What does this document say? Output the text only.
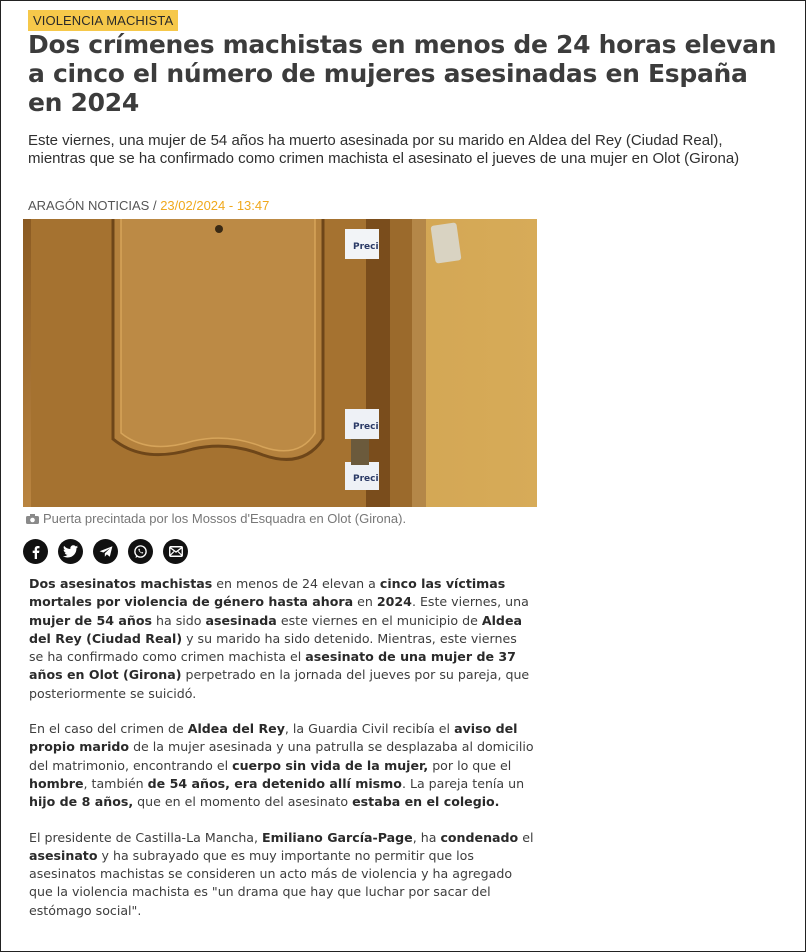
VIOLENCIA MACHISTA
Dos crímenes machistas en menos de 24 horas elevan a cinco el número de mujeres asesinadas en España en 2024

Este viernes, una mujer de 54 años ha muerto asesinada por su marido en Aldea del Rey (Ciudad Real), mientras que se ha confirmado como crimen machista el asesinato el jueves de una mujer en Olot (Girona)

ARAGÓN NOTICIAS / 23/02/2024 - 13:47
Preci
Preci
Preci
Puerta precintada por los Mossos d'Esquadra en Olot (Girona).

Dos asesinatos machistas en menos de 24 elevan a cinco las víctimas mortales por violencia de género hasta ahora en 2024. Este viernes, una mujer de 54 años ha sido asesinada este viernes en el municipio de Aldea del Rey (Ciudad Real) y su marido ha sido detenido. Mientras, este viernes se ha confirmado como crimen machista el asesinato de una mujer de 37 años en Olot (Girona) perpetrado en la jornada del jueves por su pareja, que posteriormente se suicidó.

En el caso del crimen de Aldea del Rey, la Guardia Civil recibía el aviso del propio marido de la mujer asesinada y una patrulla se desplazaba al domicilio del matrimonio, encontrando el cuerpo sin vida de la mujer, por lo que el hombre, también de 54 años, era detenido allí mismo. La pareja tenía un hijo de 8 años, que en el momento del asesinato estaba en el colegio.

El presidente de Castilla-La Mancha, Emiliano García-Page, ha condenado el asesinato y ha subrayado que es muy importante no permitir que los asesinatos machistas se consideren un acto más de violencia y ha agregado que la violencia machista es "un drama que hay que luchar por sacar del estómago social".
